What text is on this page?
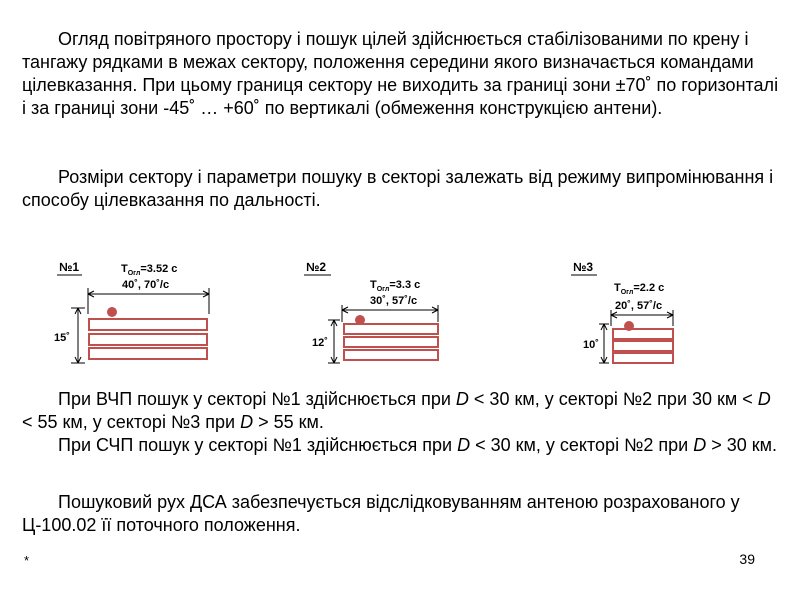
Огляд повітряного простору і пошук цілей здійснюється стабілізованими по крену і тангажу рядками в межах сектору, положення середини якого визначається командами цілевказання. При цьому границя сектору не виходить за границі зони ±70˚ по горизонталі і за границі зони -45˚ … +60˚ по вертикалі (обмеження конструкцією антени).

Розміри сектору і параметри пошуку в секторі залежать від режиму випромінювання і способу цілевказання по дальності.

№1	$T_{Огл}=3.52$ с
40˚, 70˚/с
15˚
№2
$T_{Огл}=3.3$ с
30˚, 57˚/с
12˚
№3
$T_{Огл}=2.2$ с
20˚, 57˚/с
10˚

При ВЧП пошук у секторі №1 здійснюється при D < 30 км, у секторі №2 при 30 км < D < 55 км, у секторі №3 при D > 55 км.

При СЧП пошук у секторі №1 здійснюється при D < 30 км, у секторі №2 при D > 30 км.

Пошуковий рух ДСА забезпечується відслідковуванням антеною розрахованого у Ц-100.02 її поточного положення.

*	39
